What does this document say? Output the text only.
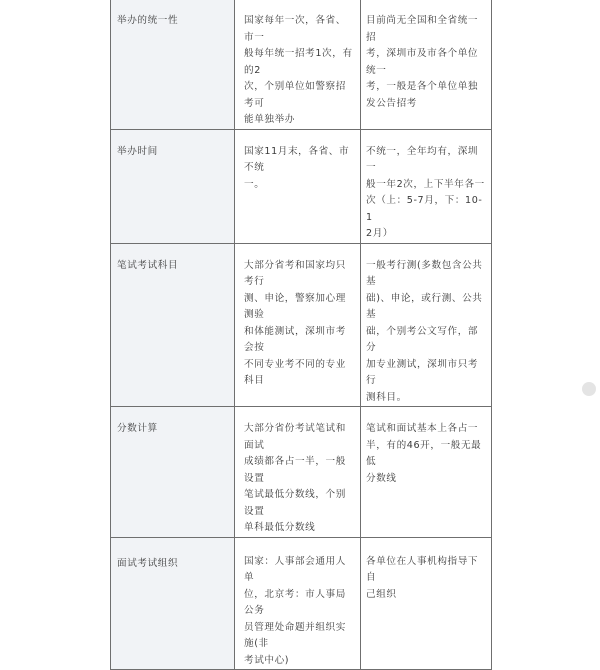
举办的统一性	国家每年一次，各省、市一
般每年统一招考1次，有的2
次，个别单位如警察招考可
能单独举办	目前尚无全国和全省统一招
考，深圳市及市各个单位统一
考，一般是各个单位单独
发公告招考

举办时间	国家11月末，各省、市不统
一。	不统一，全年均有，深圳一
般一年2次，上下半年各一
次（上：5-7月，下：10-1
2月）

笔试考试科目	大部分省考和国家均只考行
测、申论，警察加心理测验
和体能测试，深圳市考会按
不同专业考不同的专业科目	一般考行测(多数包含公共基
础)、申论，或行测、公共基
础，个别考公文写作，部分
加专业测试，深圳市只考行
测科目。

分数计算	大部分省份考试笔试和面试
成绩都各占一半，一般设置
笔试最低分数线，个别设置
单科最低分数线	笔试和面试基本上各占一
半，有的46开，一般无最低
分数线

面试考试组织	国家：人事部会通用人单
位，北京考：市人事局公务
员管理处命题并组织实施(非
考试中心)	各单位在人事机构指导下自
己组织
